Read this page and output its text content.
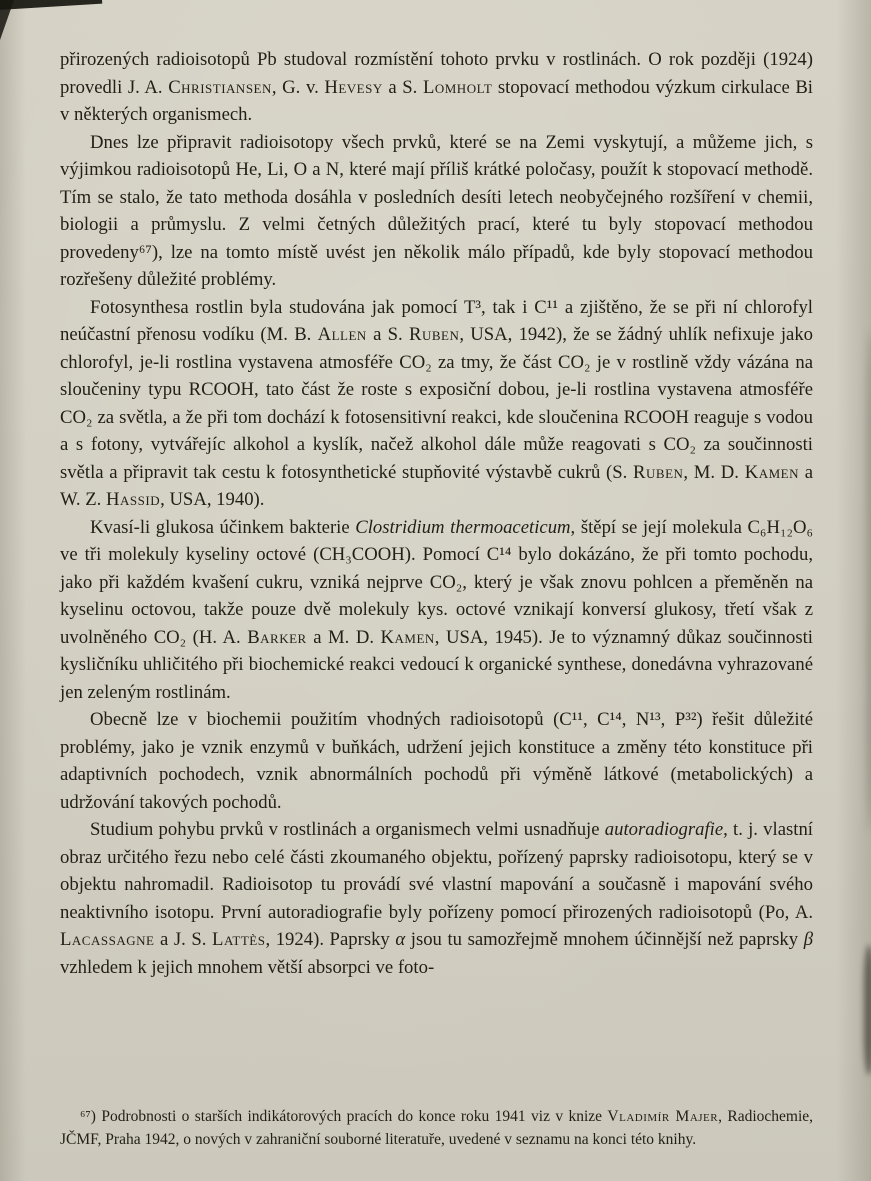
přirozených radioisotopů Pb studoval rozmístění tohoto prvku v rostlinách. O rok později (1924) provedli J. A. Christiansen, G. v. Hevesy a S. Lomholt stopovací methodou výzkum cirkulace Bi v některých organismech.

Dnes lze připravit radioisotopy všech prvků, které se na Zemi vyskytují, a můžeme jich, s výjimkou radioisotopů He, Li, O a N, které mají příliš krátké poločasy, použít k stopovací methodě. Tím se stalo, že tato methoda dosáhla v posledních desíti letech neobyčejného rozšíření v chemii, biologii a průmyslu. Z velmi četných důležitých prací, které tu byly stopovací methodou provedeny⁶⁷), lze na tomto místě uvést jen několik málo případů, kde byly stopovací methodou rozřešeny důležité problémy.

Fotosynthesa rostlin byla studována jak pomocí T³, tak i C¹¹ a zjištěno, že se při ní chlorofyl neúčastní přenosu vodíku (M. B. Allen a S. Ruben, USA, 1942), že se žádný uhlík nefixuje jako chlorofyl, je-li rostlina vystavena atmosféře CO₂ za tmy, že část CO₂ je v rostlině vždy vázána na sloučeniny typu RCOOH, tato část že roste s exposiční dobou, je-li rostlina vystavena atmosféře CO₂ za světla, a že při tom dochází k fotosensitivní reakci, kde sloučenina RCOOH reaguje s vodou a s fotony, vytvářejíc alkohol a kyslík, načež alkohol dále může reagovati s CO₂ za součinnosti světla a připravit tak cestu k fotosynthetické stupňovité výstavbě cukrů (S. Ruben, M. D. Kamen a W. Z. Hassid, USA, 1940).

Kvasí-li glukosa účinkem bakterie Clostridium thermoaceticum, štěpí se její molekula C₆H₁₂O₆ ve tři molekuly kyseliny octové (CH₃COOH). Pomocí C¹⁴ bylo dokázáno, že při tomto pochodu, jako při každém kvašení cukru, vzniká nejprve CO₂, který je však znovu pohlcen a přeměněn na kyselinu octovou, takže pouze dvě molekuly kys. octové vznikají konversí glukosy, třetí však z uvolněného CO₂ (H. A. Barker a M. D. Kamen, USA, 1945). Je to významný důkaz součinnosti kysličníku uhličitého při biochemické reakci vedoucí k organické synthese, donedávna vyhrazované jen zeleným rostlinám.

Obecně lze v biochemii použitím vhodných radioisotopů (C¹¹, C¹⁴, N¹³, P³²) řešit důležité problémy, jako je vznik enzymů v buňkách, udržení jejich konstituce a změny této konstituce při adaptivních pochodech, vznik abnormálních pochodů při výměně látkové (metabolických) a udržování takových pochodů.

Studium pohybu prvků v rostlinách a organismech velmi usnadňuje autoradiografie, t. j. vlastní obraz určitého řezu nebo celé části zkoumaného objektu, pořízený paprsky radioisotopu, který se v objektu nahromadil. Radioisotop tu provádí své vlastní mapování a současně i mapování svého neaktivního isotopu. První autoradiografie byly pořízeny pomocí přirozených radioisotopů (Po, A. Lacassagne a J. S. Lattès, 1924). Paprsky α jsou tu samozřejmě mnohem účinnější než paprsky β vzhledem k jejich mnohem větší absorpci ve foto-

⁶⁷) Podrobnosti o starších indikátorových pracích do konce roku 1941 viz v knize Vladimír Majer, Radiochemie, JČMF, Praha 1942, o nových v zahraniční souborné literatuře, uvedené v seznamu na konci této knihy.
